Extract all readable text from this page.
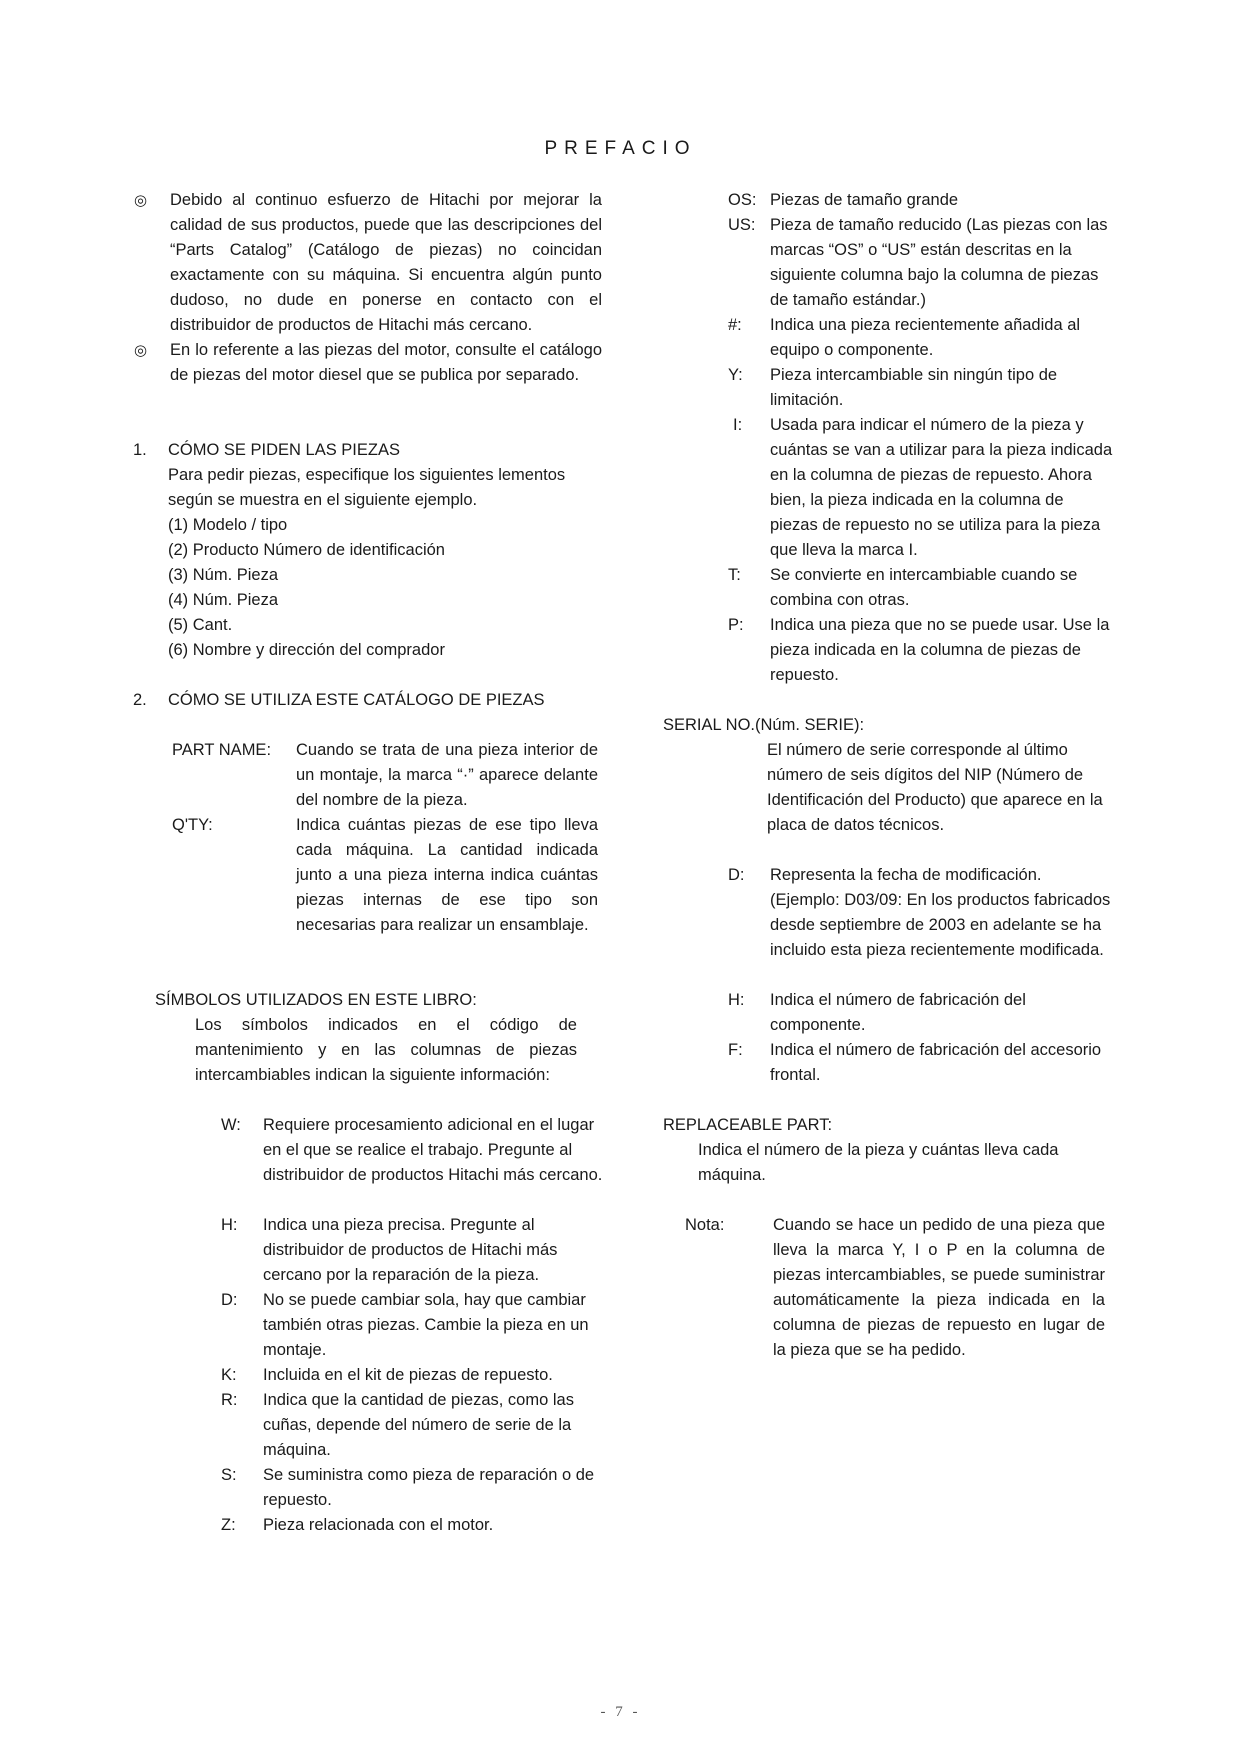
PREFACIO
◎	Debido al continuo esfuerzo de Hitachi por mejorar la calidad de sus productos, puede que las descripciones del “Parts Catalog” (Catálogo de piezas) no coincidan exactamente con su máquina. Si encuentra algún punto dudoso, no dude en ponerse en contacto con el distribuidor de productos de Hitachi más cercano.
◎	En lo referente a las piezas del motor, consulte el catálogo de piezas del motor diesel que se publica por separado.
1. CÓMO SE PIDEN LAS PIEZAS
Para pedir piezas, especifique los siguientes lementos según se muestra en el siguiente ejemplo.
(1) Modelo / tipo
(2) Producto Número de identificación
(3) Núm. Pieza
(4) Núm. Pieza
(5) Cant.
(6) Nombre y dirección del comprador
2. CÓMO SE UTILIZA ESTE CATÁLOGO DE PIEZAS
PART NAME: Cuando se trata de una pieza interior de un montaje, la marca “·” aparece delante del nombre de la pieza.
Q'TY:	Indica cuántas piezas de ese tipo lleva cada máquina. La cantidad indicada junto a una pieza interna indica cuántas piezas internas de ese tipo son necesarias para realizar un ensamblaje.
SÍMBOLOS UTILIZADOS EN ESTE LIBRO:
Los símbolos indicados en el código de mantenimiento y en las columnas de piezas intercambiables indican la siguiente información:
W: Requiere procesamiento adicional en el lugar en el que se realice el trabajo. Pregunte al distribuidor de productos Hitachi más cercano.
H: Indica una pieza precisa. Pregunte al distribuidor de productos de Hitachi más cercano por la reparación de la pieza.
D: No se puede cambiar sola, hay que cambiar también otras piezas. Cambie la pieza en un montaje.
K: Incluida en el kit de piezas de repuesto.
R: Indica que la cantidad de piezas, como las cuñas, depende del número de serie de la máquina.
S: Se suministra como pieza de reparación o de repuesto.
Z: Pieza relacionada con el motor.
OS: Piezas de tamaño grande
US: Pieza de tamaño reducido (Las piezas con las marcas “OS” o “US” están descritas en la siguiente columna bajo la columna de piezas de tamaño estándar.)
#: Indica una pieza recientemente añadida al equipo o componente.
Y: Pieza intercambiable sin ningún tipo de limitación.
I: Usada para indicar el número de la pieza y cuántas se van a utilizar para la pieza indicada en la columna de piezas de repuesto. Ahora bien, la pieza indicada en la columna de piezas de repuesto no se utiliza para la pieza que lleva la marca I.
T: Se convierte en intercambiable cuando se combina con otras.
P: Indica una pieza que no se puede usar. Use la pieza indicada en la columna de piezas de repuesto.
SERIAL NO.(Núm. SERIE):
El número de serie corresponde al último número de seis dígitos del NIP (Número de Identificación del Producto) que aparece en la placa de datos técnicos.
D: Representa la fecha de modificación. (Ejemplo: D03/09: En los productos fabricados desde septiembre de 2003 en adelante se ha incluido esta pieza recientemente modificada.
H: Indica el número de fabricación del componente.
F: Indica el número de fabricación del accesorio frontal.
REPLACEABLE PART:
Indica el número de la pieza y cuántas lleva cada máquina.
Nota:	Cuando se hace un pedido de una pieza que lleva la marca Y, I o P en la columna de piezas intercambiables, se puede suministrar automáticamente la pieza indicada en la columna de piezas de repuesto en lugar de la pieza que se ha pedido.
- 7 -
